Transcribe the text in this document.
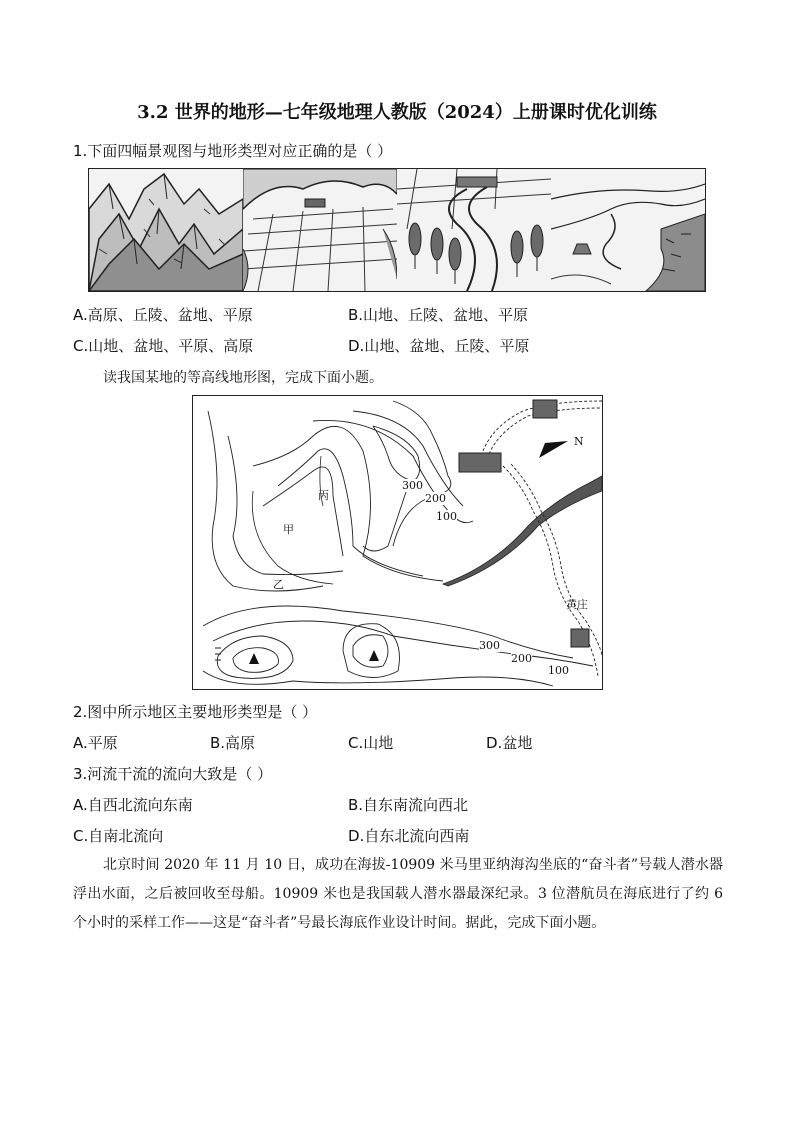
3.2 世界的地形—七年级地理人教版（2024）上册课时优化训练
1.下面四幅景观图与地形类型对应正确的是（ ）
A.高原、丘陵、盆地、平原	B.山地、丘陵、盆地、平原
C.山地、盆地、平原、高原	D.山地、盆地、丘陵、平原
读我国某地的等高线地形图，完成下面小题。
N
300
200
100
丙
甲
乙
黄庄
300
200
100
2.图中所示地区主要地形类型是（ ）
A.平原	B.高原	C.山地	D.盆地
3.河流干流的流向大致是（ ）
A.自西北流向东南	B.自东南流向西北
C.自南北流向	D.自东北流向西南
北京时间 2020 年 11 月 10 日，成功在海拔-10909 米马里亚纳海沟坐底的“奋斗者”号载人潜水器浮出水面，之后被回收至母船。10909 米也是我国载人潜水器最深纪录。3 位潜航员在海底进行了约 6 个小时的采样工作——这是“奋斗者”号最长海底作业设计时间。据此，完成下面小题。
